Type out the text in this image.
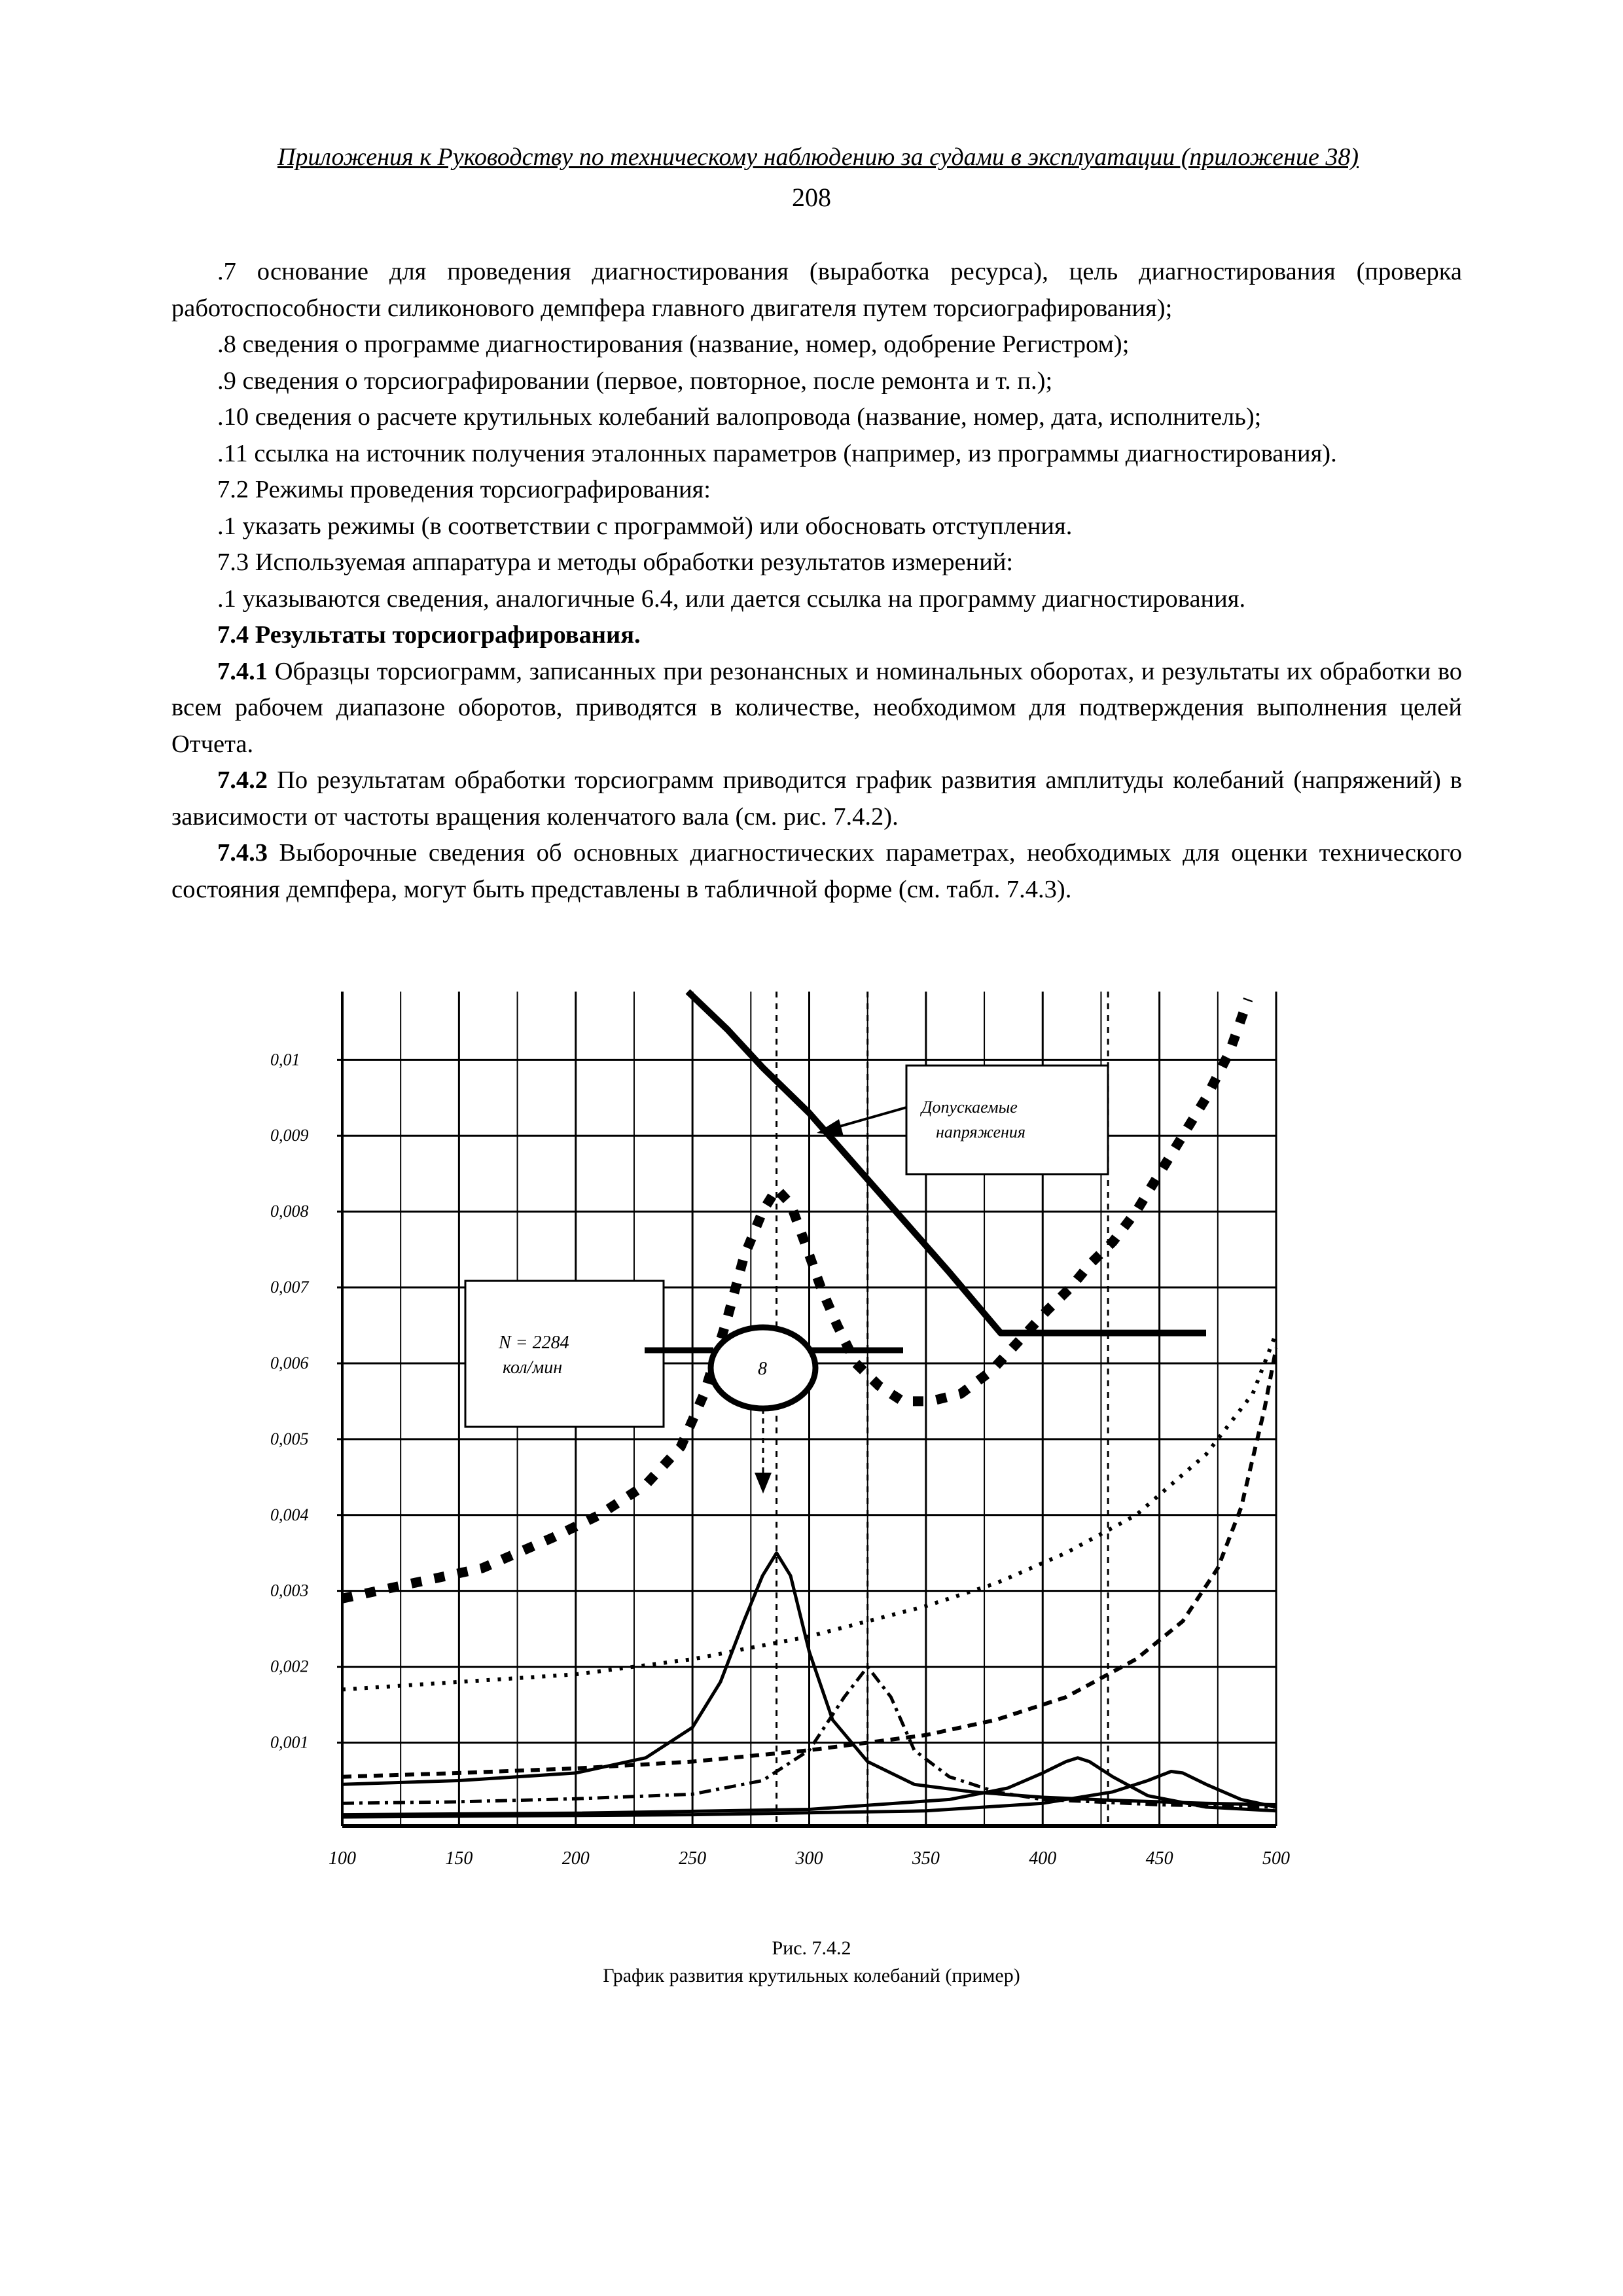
Приложения к Руководству по техническому наблюдению за судами в эксплуатации (приложение 38)
208

.7 основание для проведения диагностирования (выработка ресурса), цель диагностирования (проверка работоспособности силиконового демпфера главного двигателя путем торсиографирования);

.8 сведения о программе диагностирования (название, номер, одобрение Регистром);

.9 сведения о торсиографировании (первое, повторное, после ремонта и т. п.);

.10 сведения о расчете крутильных колебаний валопровода (название, номер, дата, исполнитель);

.11 ссылка на источник получения эталонных параметров (например, из программы диагностирования).

7.2 Режимы проведения торсиографирования:

.1 указать режимы (в соответствии с программой) или обосновать отступления.

7.3 Используемая аппаратура и методы обработки результатов измерений:

.1 указываются сведения, аналогичные 6.4, или дается ссылка на программу диагностирования.

7.4 Результаты торсиографирования.

7.4.1 Образцы торсиограмм, записанных при резонансных и номинальных оборотах, и результаты их обработки во всем рабочем диапазоне оборотов, приводятся в количестве, необходимом для подтверждения выполнения целей Отчета.

7.4.2 По результатам обработки торсиограмм приводится график развития амплитуды колебаний (напряжений) в зависимости от частоты вращения коленчатого вала (см. рис. 7.4.2).

7.4.3 Выборочные сведения об основных диагностических параметрах, необходимых для оценки технического состояния демпфера, могут быть представлены в табличной форме (см. табл. 7.4.3).

0,001
0,002
0,003
0,004
0,005
0,006
0,007
0,008
0,009
0,01
100	150	200	250	300	350	400	450	500
Допускаемые
напряжения
N = 2284
кол/мин	8
Рис. 7.4.2
График развития крутильных колебаний (пример)
